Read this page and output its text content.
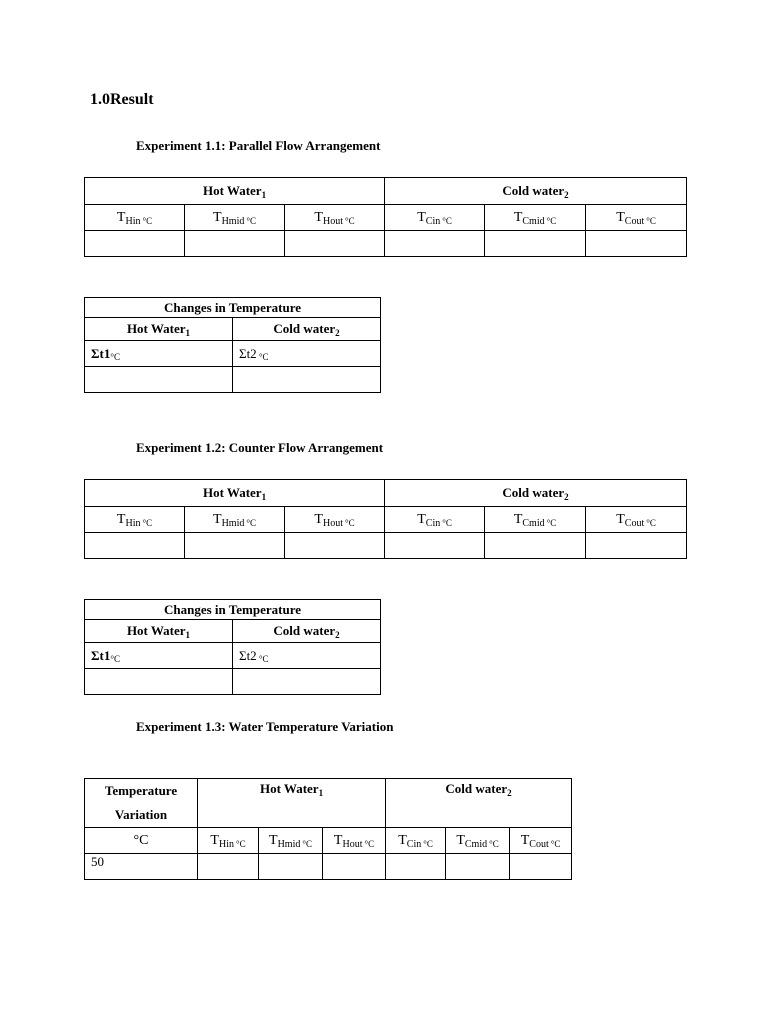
1.0Result
Experiment 1.1: Parallel Flow Arrangement
Hot Water$_1$			Cold water$_2$
$T_{Hin}$ $_{^\circ C}$	$T_{Hmid}$ $_{^\circ C}$	$T_{Hout}$ $_{^\circ C}$	$T_{Cin}$ $_{^\circ C}$	$T_{Cmid}$ $_{^\circ C}$	$T_{Cout}$ $_{^\circ C}$

Changes in Temperature	
Hot Water$_1$	Cold water$_2$
Ʃt1°C	Ʃt2 °C

Experiment 1.2: Counter Flow Arrangement
Hot Water$_1$			Cold water$_2$
$T_{Hin}$ $_{^\circ C}$	$T_{Hmid}$ $_{^\circ C}$	$T_{Hout}$ $_{^\circ C}$	$T_{Cin}$ $_{^\circ C}$	$T_{Cmid}$ $_{^\circ C}$	$T_{Cout}$ $_{^\circ C}$

Changes in Temperature	
Hot Water$_1$	Cold water$_2$
Ʃt1°C	Ʃt2 °C

Experiment 1.3: Water Temperature Variation
Temperature
Variation	Hot Water$_1$			Cold water$_2$
°C	$T_{Hin}$ $_{^\circ C}$	$T_{Hmid}$ $_{^\circ C}$	$T_{Hout}$ $_{^\circ C}$	$T_{Cin}$ $_{^\circ C}$	$T_{Cmid}$ $_{^\circ C}$	$T_{Cout}$ $_{^\circ C}$
50						
